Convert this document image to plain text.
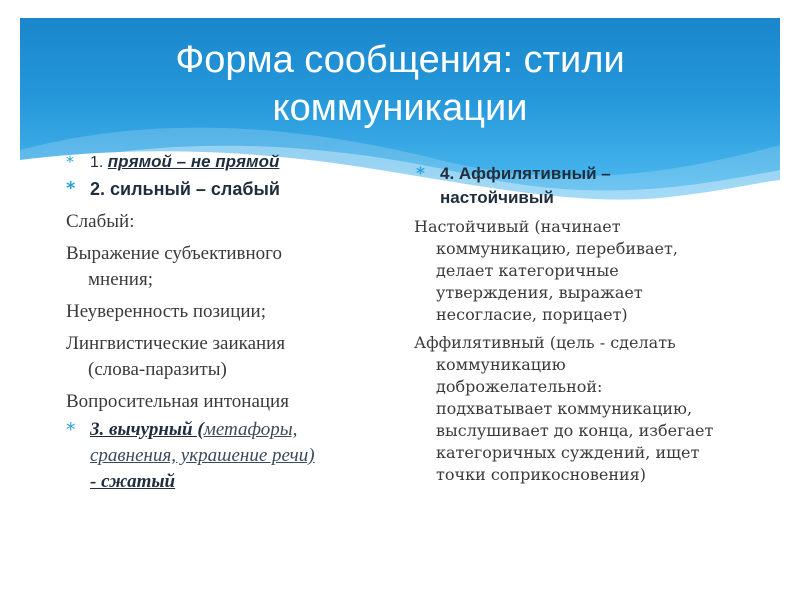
Форма сообщения: стили
коммуникации
* 1. прямой – не прямой
* 2. сильный – слабый
Слабый:
Выражение субъективного
мнения;
Неуверенность позиции;
Лингвистические заикания
(слова-паразиты)
Вопросительная интонация
* 3. вычурный (метафоры,
сравнения, украшение речи)
- сжатый
* 4. Аффилятивный –
настойчивый
Настойчивый (начинает
коммуникацию, перебивает,
делает категоричные
утверждения, выражает
несогласие, порицает)
Аффилятивный (цель - сделать
коммуникацию
доброжелательной:
подхватывает коммуникацию,
выслушивает до конца, избегает
категоричных суждений, ищет
точки соприкосновения)
